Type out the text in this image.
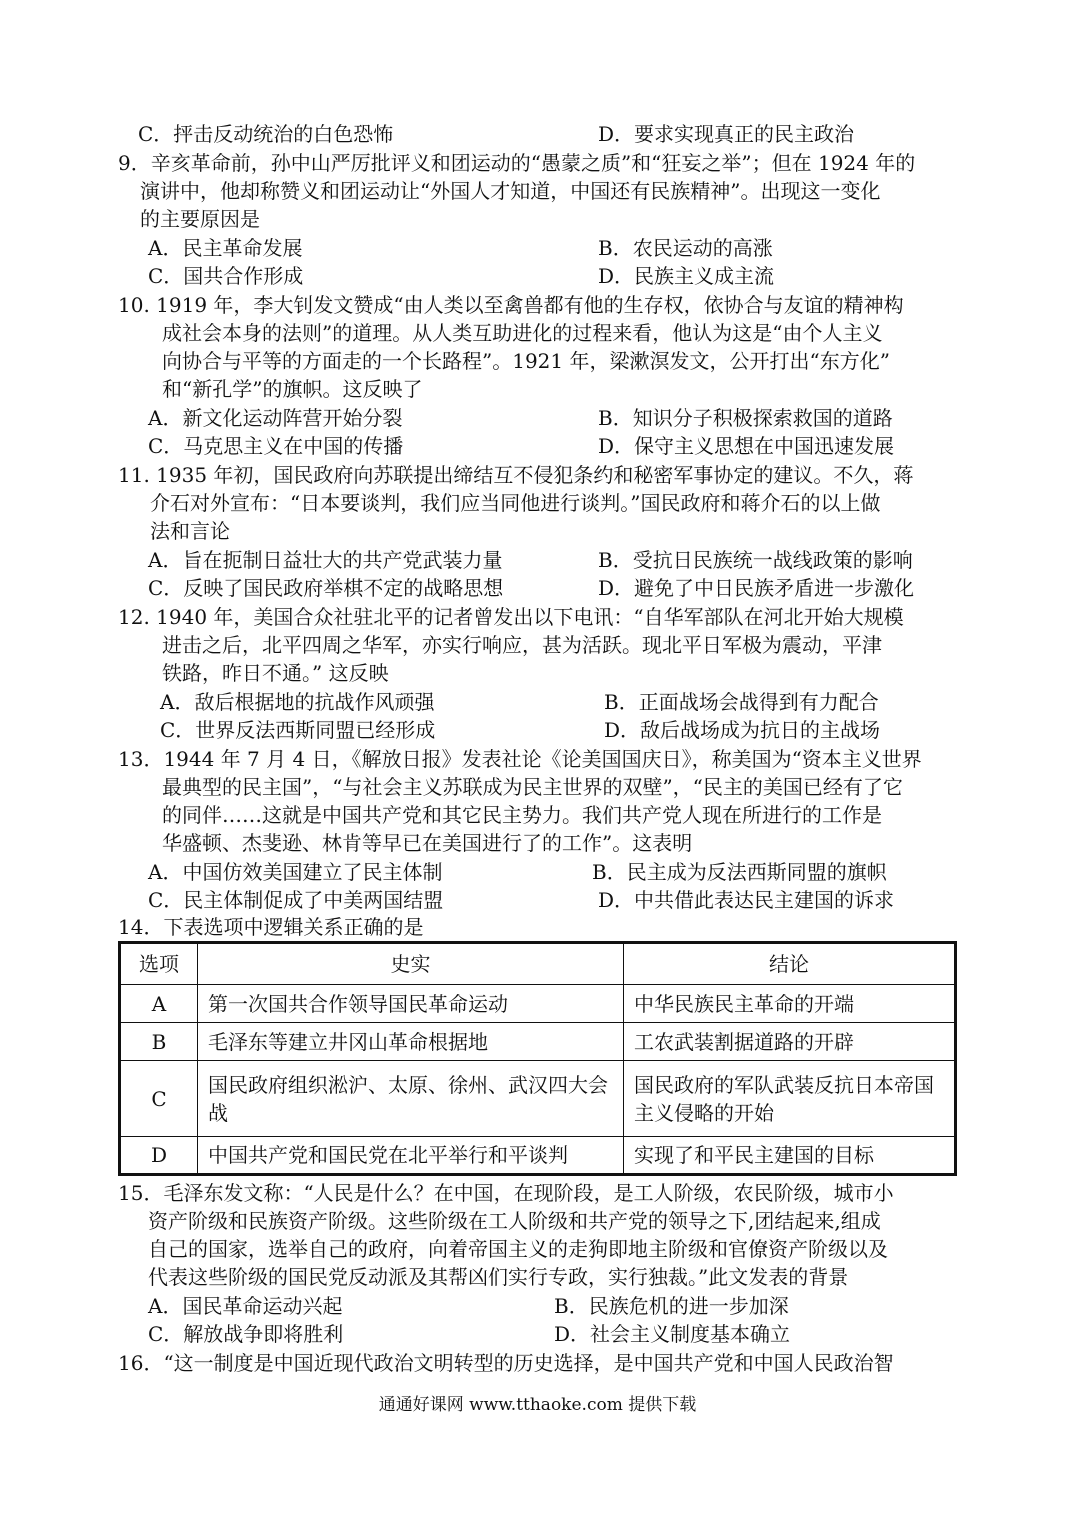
C．抨击反动统治的白色恐怖	D．要求实现真正的民主政治
9．辛亥革命前，孙中山严厉批评义和团运动的“愚蒙之质”和“狂妄之举”；但在 1924 年的
演讲中，他却称赞义和团运动让“外国人才知道，中国还有民族精神”。出现这一变化
的主要原因是
A．民主革命发展	B．农民运动的高涨
C．国共合作形成	D．民族主义成主流
10. 1919 年，李大钊发文赞成“由人类以至禽兽都有他的生存权，依协合与友谊的精神构
成社会本身的法则”的道理。从人类互助进化的过程来看，他认为这是“由个人主义
向协合与平等的方面走的一个长路程”。1921 年，梁漱溟发文，公开打出“东方化”
和“新孔学”的旗帜。这反映了
A．新文化运动阵营开始分裂	B．知识分子积极探索救国的道路
C．马克思主义在中国的传播	D．保守主义思想在中国迅速发展
11. 1935 年初，国民政府向苏联提出缔结互不侵犯条约和秘密军事协定的建议。不久，蒋
介石对外宣布：“日本要谈判，我们应当同他进行谈判。”国民政府和蒋介石的以上做
法和言论
A．旨在扼制日益壮大的共产党武装力量	B．受抗日民族统一战线政策的影响
C．反映了国民政府举棋不定的战略思想	D．避免了中日民族矛盾进一步激化
12. 1940 年，美国合众社驻北平的记者曾发出以下电讯：“自华军部队在河北开始大规模
进击之后，北平四周之华军，亦实行响应，甚为活跃。现北平日军极为震动，平津
铁路，昨日不通。” 这反映
A．敌后根据地的抗战作风顽强	B．正面战场会战得到有力配合
C．世界反法西斯同盟已经形成	D．敌后战场成为抗日的主战场
13．1944 年 7 月 4 日，《解放日报》发表社论《论美国国庆日》，称美国为“资本主义世界
最典型的民主国”，“与社会主义苏联成为民主世界的双壁”，“民主的美国已经有了它
的同伴……这就是中国共产党和其它民主势力。我们共产党人现在所进行的工作是
华盛顿、杰斐逊、林肯等早已在美国进行了的工作”。这表明
A．中国仿效美国建立了民主体制	B．民主成为反法西斯同盟的旗帜
C．民主体制促成了中美两国结盟	D．中共借此表达民主建国的诉求
14．下表选项中逻辑关系正确的是
选项	史实	结论
A	第一次国共合作领导国民革命运动	中华民族民主革命的开端
B	毛泽东等建立井冈山革命根据地	工农武装割据道路的开辟
C	国民政府组织淞沪、太原、徐州、武汉四大会战	国民政府的军队武装反抗日本帝国主义侵略的开始
D	中国共产党和国民党在北平举行和平谈判	实现了和平民主建国的目标
15．毛泽东发文称：“人民是什么？在中国，在现阶段，是工人阶级，农民阶级，城市小
资产阶级和民族资产阶级。这些阶级在工人阶级和共产党的领导之下,团结起来,组成
自己的国家，选举自己的政府，向着帝国主义的走狗即地主阶级和官僚资产阶级以及
代表这些阶级的国民党反动派及其帮凶们实行专政，实行独裁。”此文发表的背景
A．国民革命运动兴起	B．民族危机的进一步加深
C．解放战争即将胜利	D．社会主义制度基本确立
16．“这一制度是中国近现代政治文明转型的历史选择，是中国共产党和中国人民政治智
通通好课网 www.tthaoke.com 提供下载
